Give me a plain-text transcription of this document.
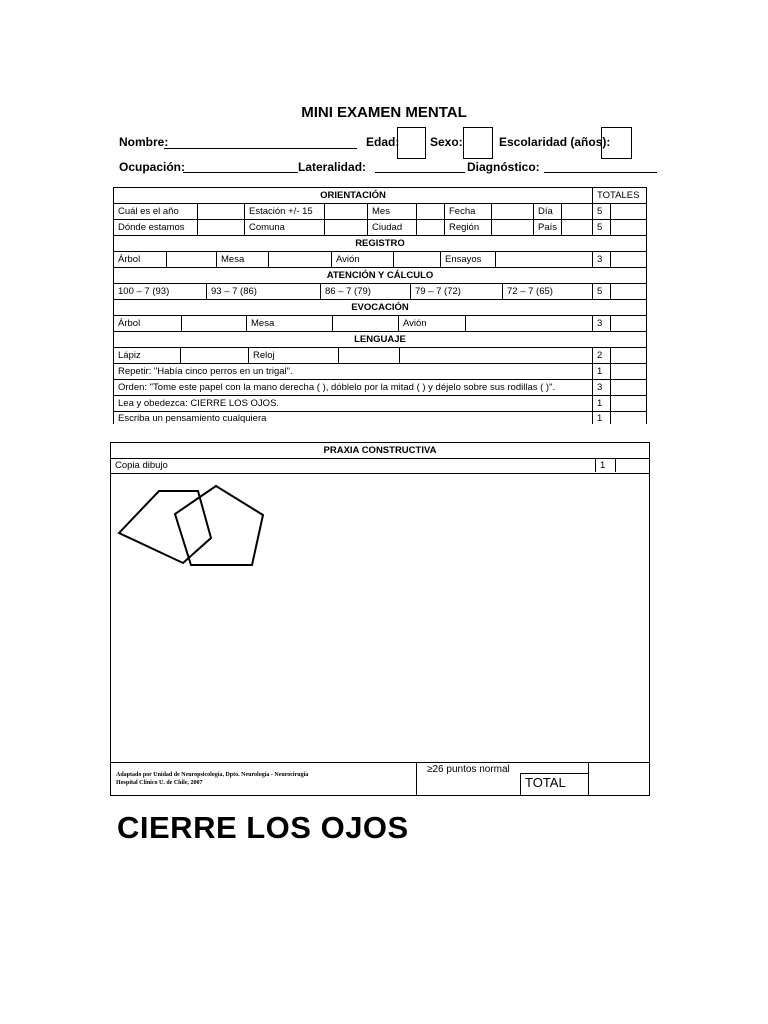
MINI EXAMEN MENTAL
Nombre:	Edad:	Sexo:	Escolaridad (años):
Ocupación:	Lateralidad:	Diagnóstico:
ORIENTACIÓN	TOTALES
Cuál es el año	Estación +/- 15	Mes	Fecha	Día	5
Dónde estamos	Comuna	Ciudad	Región	País	5
REGISTRO
Árbol	Mesa	Avión	Ensayos	3
ATENCIÓN Y CÁLCULO
100 – 7 (93)	93 – 7 (86)	86 – 7 (79)	79 – 7 (72)	72 – 7 (65)	5
EVOCACIÓN
Árbol	Mesa	Avión	3
LENGUAJE
Lápiz	Reloj	2
Repetir: "Había cinco perros en un trigal".	1
Orden: "Tome este papel con la mano derecha ( ), dóblelo por la mitad ( ) y déjelo sobre sus rodillas ( )".	3
Lea y obedezca: CIERRE LOS OJOS.	1
Escriba un pensamiento cualquiera	1
PRAXIA CONSTRUCTIVA
Copia dibujo	1
Adaptado por Unidad de Neuropsicología, Dpto. Neurología - Neurocirugía
Hospital Clínico U. de Chile, 2007
≥26 puntos normal
TOTAL
CIERRE LOS OJOS
